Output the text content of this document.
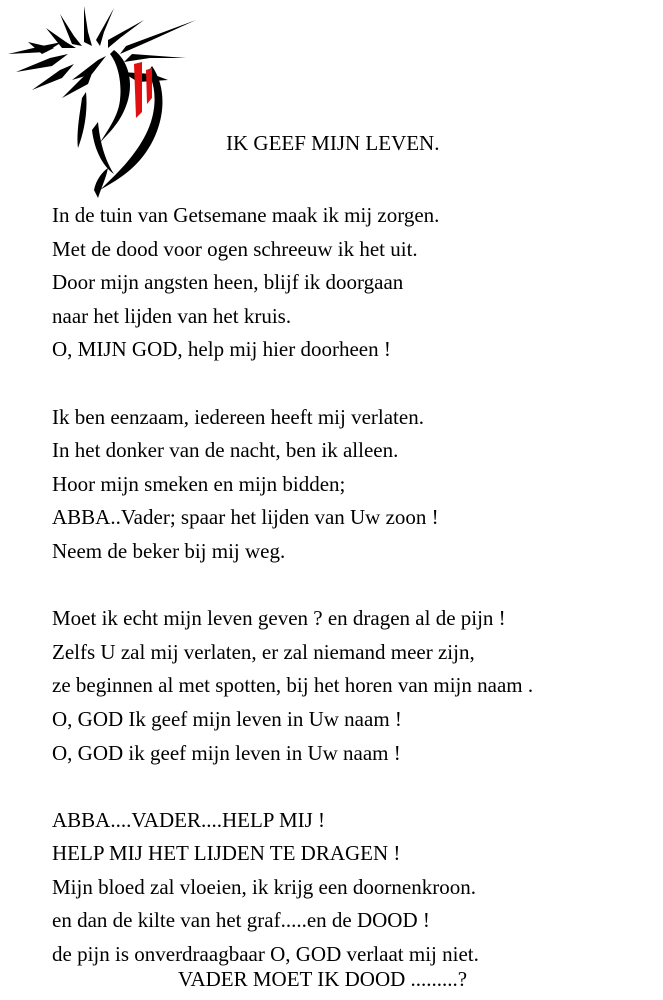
IK GEEF MIJN LEVEN.
In de tuin van Getsemane maak ik mij zorgen.
Met de dood voor ogen schreeuw ik het uit.
Door mijn angsten heen, blijf ik doorgaan
naar het lijden van het kruis.
O, MIJN GOD, help mij hier doorheen !
Ik ben eenzaam, iedereen heeft mij verlaten.
In het donker van de nacht, ben ik alleen.
Hoor mijn smeken en mijn bidden;
ABBA..Vader; spaar het lijden van Uw zoon !
Neem de beker bij mij weg.
Moet ik echt mijn leven geven ? en dragen al de pijn !
Zelfs U zal mij verlaten, er zal niemand meer zijn,
ze beginnen al met spotten, bij het horen van mijn naam .
O, GOD Ik geef mijn leven in Uw naam !
O, GOD ik geef mijn leven in Uw naam !
ABBA....VADER....HELP MIJ !
HELP MIJ HET LIJDEN TE DRAGEN !
Mijn bloed zal vloeien, ik krijg een doornenkroon.
en dan de kilte van het graf.....en de DOOD !
de pijn is onverdraagbaar O, GOD verlaat mij niet.
VADER MOET IK DOOD .........?
